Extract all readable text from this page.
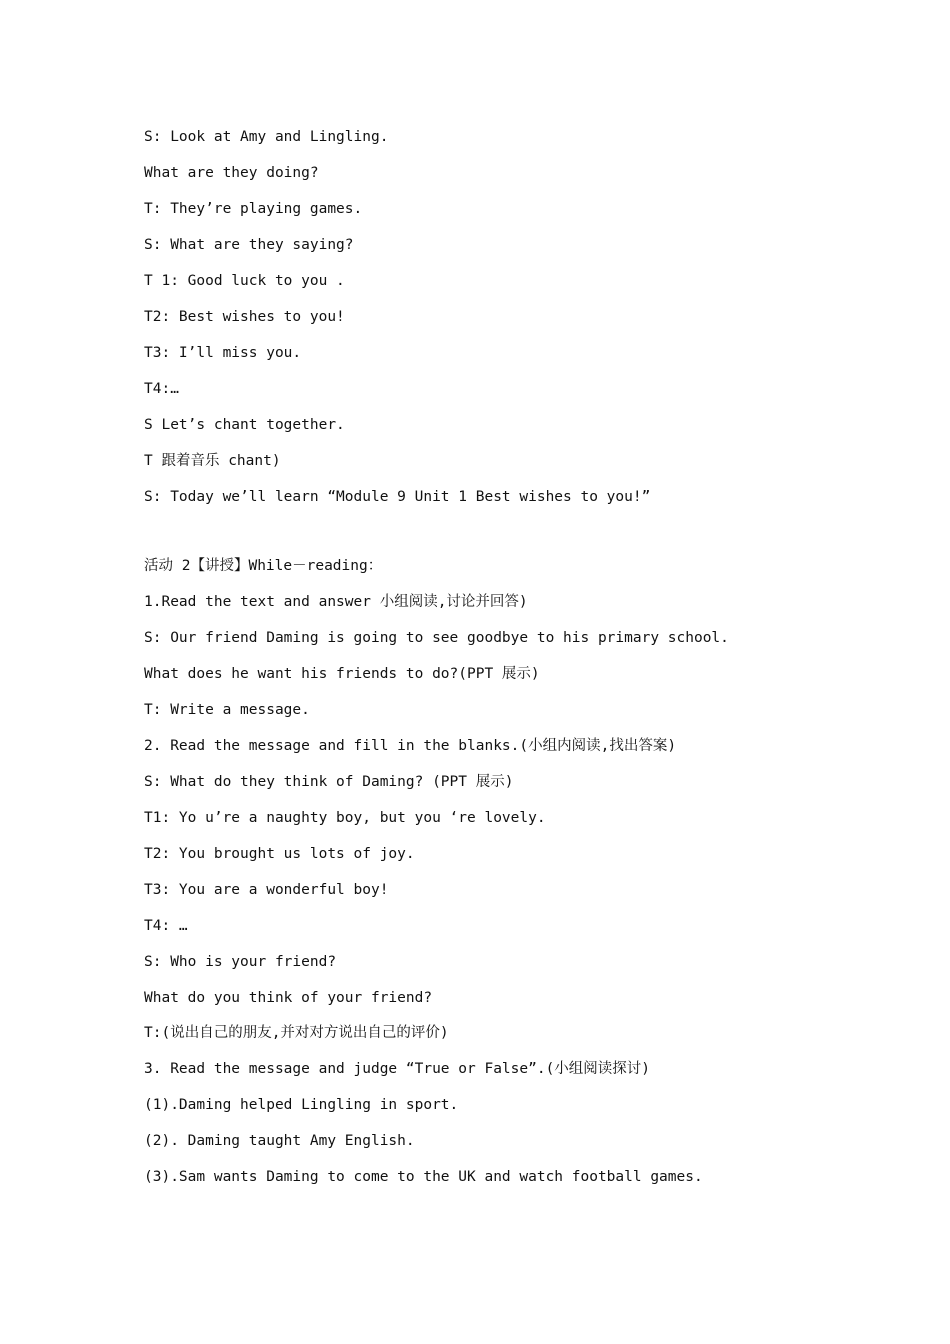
S: Look at Amy and Lingling.
What are they doing?
T: They’re playing games.
S: What are they saying?
T 1: Good luck to you .
T2: Best wishes to you!
T3: I’ll miss you.
T4:…
S Let’s chant together.
T 跟着音乐 chant)
S: Today we’ll learn “Module 9 Unit 1 Best wishes to you!”
活动 2【讲授】While－reading：
1.Read the text and answer 小组阅读,讨论并回答)
S: Our friend Daming is going to see goodbye to his primary school.
What does he want his friends to do?(PPT 展示)
T: Write a message.
2. Read the message and fill in the blanks.(小组内阅读,找出答案)
S: What do they think of Daming? (PPT 展示)
T1: Yo u’re a naughty boy, but you ‘re lovely.
T2: You brought us lots of joy.
T3: You are a wonderful boy!
T4: …
S: Who is your friend?
What do you think of your friend?
T:(说出自己的朋友,并对对方说出自己的评价)
3. Read the message and judge “True or False”.(小组阅读探讨)
(1).Daming helped Lingling in sport.
(2). Daming taught Amy English.
(3).Sam wants Daming to come to the UK and watch football games.
